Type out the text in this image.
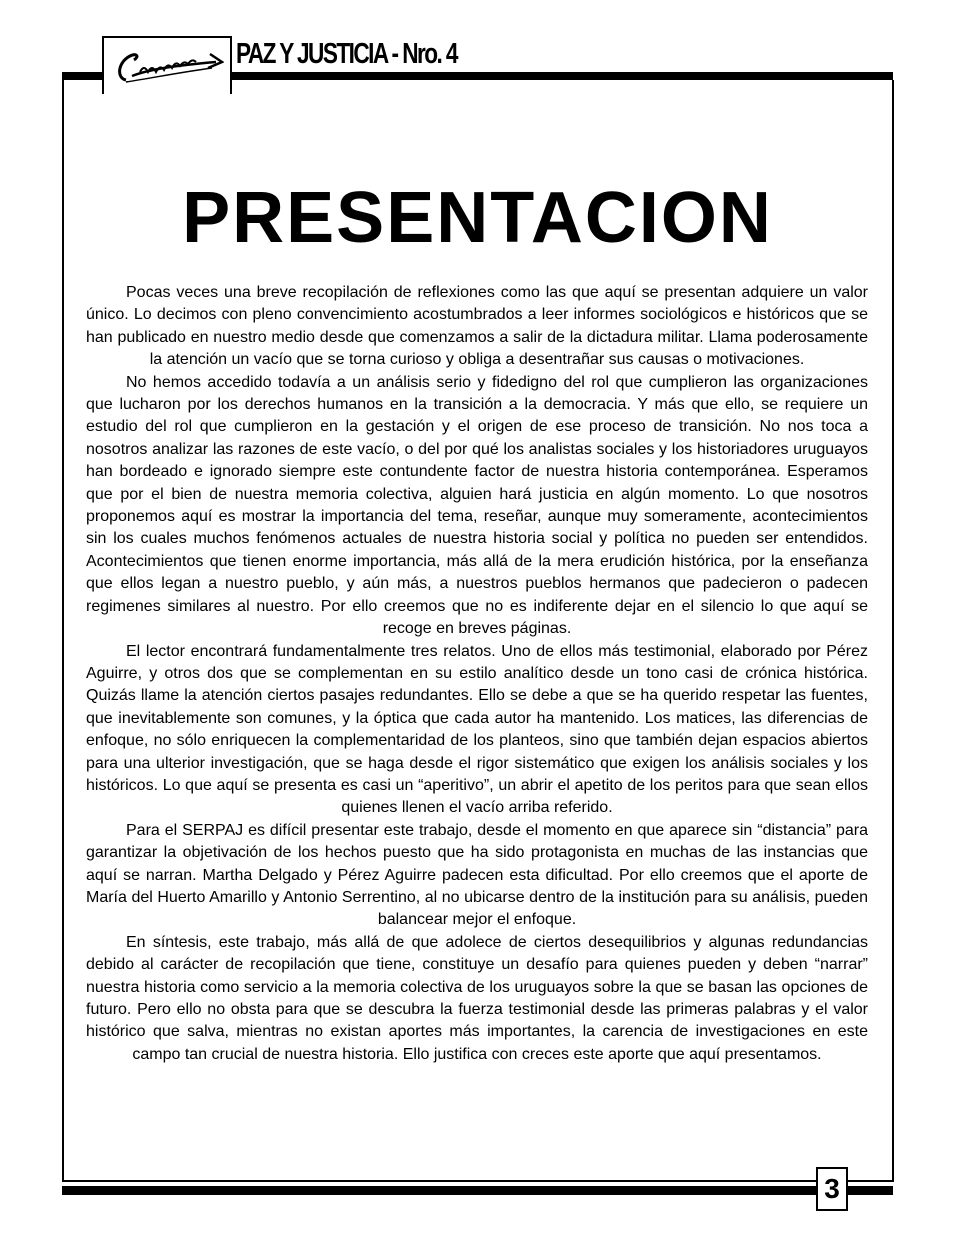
PAZ Y JUSTICIA - Nro. 4
PRESENTACION

Pocas veces una breve recopilación de reflexiones como las que aquí se presentan adquiere un valor único. Lo decimos con pleno convencimiento acostumbrados a leer informes sociológicos e históricos que se han publicado en nuestro medio desde que comenzamos a salir de la dictadura militar. Llama poderosamente la atención un vacío que se torna curioso y obliga a desentrañar sus causas o motivaciones.

No hemos accedido todavía a un análisis serio y fidedigno del rol que cumplieron las organizaciones que lucharon por los derechos humanos en la transición a la democracia. Y más que ello, se requiere un estudio del rol que cumplieron en la gestación y el origen de ese proceso de transición. No nos toca a nosotros analizar las razones de este vacío, o del por qué los analistas sociales y los historiadores uruguayos han bordeado e ignorado siempre este contundente factor de nuestra historia contemporánea. Esperamos que por el bien de nuestra memoria colectiva, alguien hará justicia en algún momento. Lo que nosotros proponemos aquí es mostrar la importancia del tema, reseñar, aunque muy someramente, acontecimientos sin los cuales muchos fenómenos actuales de nuestra historia social y política no pueden ser entendidos. Acontecimientos que tienen enorme importancia, más allá de la mera erudición histórica, por la enseñanza que ellos legan a nuestro pueblo, y aún más, a nuestros pueblos hermanos que padecieron o padecen regimenes similares al nuestro. Por ello creemos que no es indiferente dejar en el silencio lo que aquí se recoge en breves páginas.

El lector encontrará fundamentalmente tres relatos. Uno de ellos más testimonial, elaborado por Pérez Aguirre, y otros dos que se complementan en su estilo analítico desde un tono casi de crónica histórica. Quizás llame la atención ciertos pasajes redundantes. Ello se debe a que se ha querido respetar las fuentes, que inevitablemente son comunes, y la óptica que cada autor ha mantenido. Los matices, las diferencias de enfoque, no sólo enriquecen la complementaridad de los planteos, sino que también dejan espacios abiertos para una ulterior investigación, que se haga desde el rigor sistemático que exigen los análisis sociales y los históricos. Lo que aquí se presenta es casi un “aperitivo”, un abrir el apetito de los peritos para que sean ellos quienes llenen el vacío arriba referido.

Para el SERPAJ es difícil presentar este trabajo, desde el momento en que aparece sin “distancia” para garantizar la objetivación de los hechos puesto que ha sido protagonista en muchas de las instancias que aquí se narran. Martha Delgado y Pérez Aguirre padecen esta dificultad. Por ello creemos que el aporte de María del Huerto Amarillo y Antonio Serrentino, al no ubicarse dentro de la institución para su análisis, pueden balancear mejor el enfoque.

En síntesis, este trabajo, más allá de que adolece de ciertos desequilibrios y algunas redundancias debido al carácter de recopilación que tiene, constituye un desafío para quienes pueden y deben “narrar” nuestra historia como servicio a la memoria colectiva de los uruguayos sobre la que se basan las opciones de futuro. Pero ello no obsta para que se descubra la fuerza testimonial desde las primeras palabras y el valor histórico que salva, mientras no existan aportes más importantes, la carencia de investigaciones en este campo tan crucial de nuestra historia. Ello justifica con creces este aporte que aquí presentamos.

3
